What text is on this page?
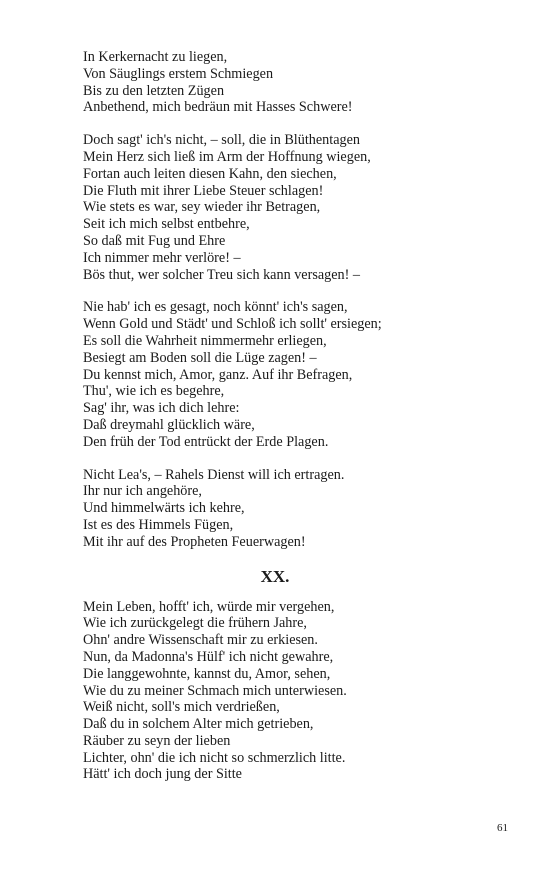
In Kerkernacht zu liegen,
Von Säuglings erstem Schmiegen
Bis zu den letzten Zügen
Anbethend, mich bedräun mit Hasses Schwere!
Doch sagt' ich's nicht, – soll, die in Blüthentagen
Mein Herz sich ließ im Arm der Hoffnung wiegen,
Fortan auch leiten diesen Kahn, den siechen,
Die Fluth mit ihrer Liebe Steuer schlagen!
Wie stets es war, sey wieder ihr Betragen,
Seit ich mich selbst entbehre,
So daß mit Fug und Ehre
Ich nimmer mehr verlöre! –
Bös thut, wer solcher Treu sich kann versagen! –
Nie hab' ich es gesagt, noch könnt' ich's sagen,
Wenn Gold und Städt' und Schloß ich sollt' ersiegen;
Es soll die Wahrheit nimmermehr erliegen,
Besiegt am Boden soll die Lüge zagen! –
Du kennst mich, Amor, ganz. Auf ihr Befragen,
Thu', wie ich es begehre,
Sag' ihr, was ich dich lehre:
Daß dreymahl glücklich wäre,
Den früh der Tod entrückt der Erde Plagen.
Nicht Lea's, – Rahels Dienst will ich ertragen.
Ihr nur ich angehöre,
Und himmelwärts ich kehre,
Ist es des Himmels Fügen,
Mit ihr auf des Propheten Feuerwagen!
XX.
Mein Leben, hofft' ich, würde mir vergehen,
Wie ich zurückgelegt die frühern Jahre,
Ohn' andre Wissenschaft mir zu erkiesen.
Nun, da Madonna's Hülf' ich nicht gewahre,
Die langgewohnte, kannst du, Amor, sehen,
Wie du zu meiner Schmach mich unterwiesen.
Weiß nicht, soll's mich verdrießen,
Daß du in solchem Alter mich getrieben,
Räuber zu seyn der lieben
Lichter, ohn' die ich nicht so schmerzlich litte.
Hätt' ich doch jung der Sitte
61
